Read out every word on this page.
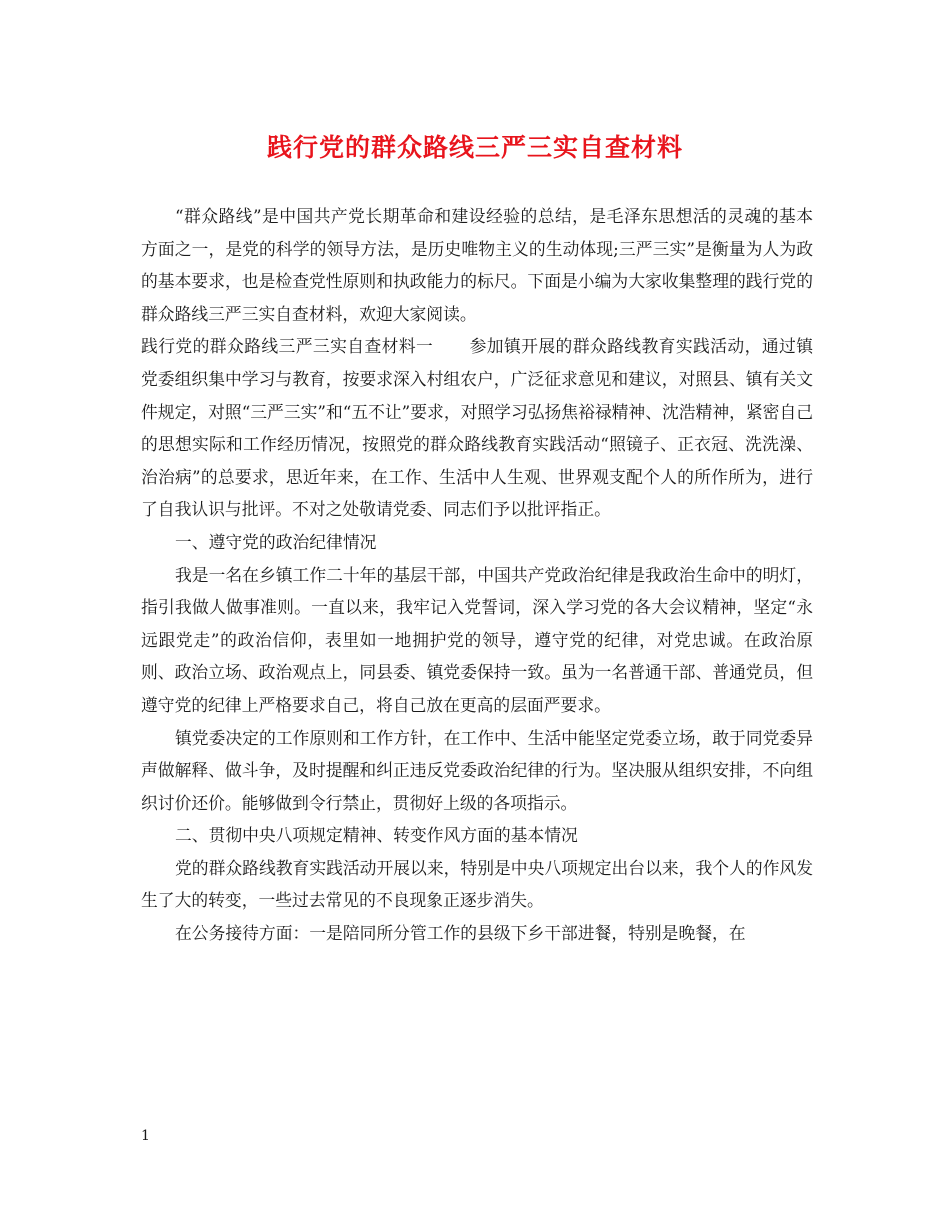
践行党的群众路线三严三实自查材料

“群众路线”是中国共产党长期革命和建设经验的总结，是毛泽东思想活的灵魂的基本方面之一，是党的科学的领导方法，是历史唯物主义的生动体现;三严三实”是衡量为人为政的基本要求，也是检查党性原则和执政能力的标尺。下面是小编为大家收集整理的践行党的群众路线三严三实自查材料，欢迎大家阅读。

践行党的群众路线三严三实自查材料一 参加镇开展的群众路线教育实践活动，通过镇党委组织集中学习与教育，按要求深入村组农户，广泛征求意见和建议，对照县、镇有关文件规定，对照“三严三实”和“五不让”要求，对照学习弘扬焦裕禄精神、沈浩精神，紧密自己的思想实际和工作经历情况，按照党的群众路线教育实践活动“照镜子、正衣冠、洗洗澡、治治病”的总要求，思近年来，在工作、生活中人生观、世界观支配个人的所作所为，进行了自我认识与批评。不对之处敬请党委、同志们予以批评指正。

一、遵守党的政治纪律情况

我是一名在乡镇工作二十年的基层干部，中国共产党政治纪律是我政治生命中的明灯，指引我做人做事准则。一直以来，我牢记入党誓词，深入学习党的各大会议精神，坚定“永远跟党走”的政治信仰，表里如一地拥护党的领导，遵守党的纪律，对党忠诚。在政治原则、政治立场、政治观点上，同县委、镇党委保持一致。虽为一名普通干部、普通党员，但遵守党的纪律上严格要求自己，将自己放在更高的层面严要求。

镇党委决定的工作原则和工作方针，在工作中、生活中能坚定党委立场，敢于同党委异声做解释、做斗争，及时提醒和纠正违反党委政治纪律的行为。坚决服从组织安排，不向组织讨价还价。能够做到令行禁止，贯彻好上级的各项指示。

二、贯彻中央八项规定精神、转变作风方面的基本情况

党的群众路线教育实践活动开展以来，特别是中央八项规定出台以来，我个人的作风发生了大的转变，一些过去常见的不良现象正逐步消失。

在公务接待方面：一是陪同所分管工作的县级下乡干部进餐，特别是晚餐，在

1
